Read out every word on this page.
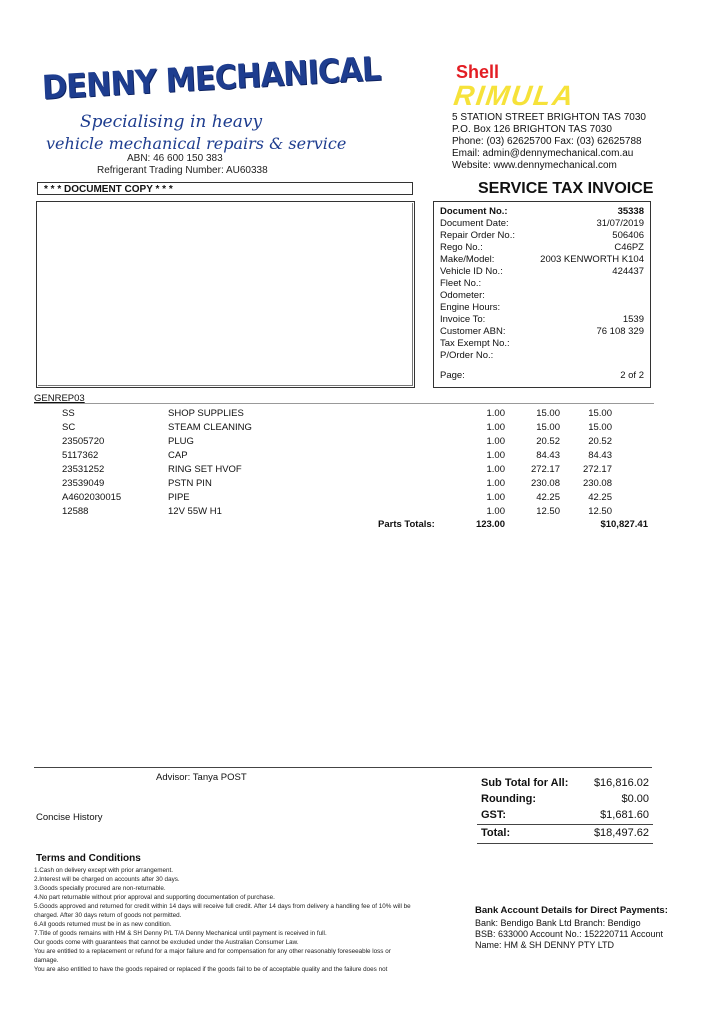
DENNY MECHANICAL
Specialising in heavy
vehicle mechanical repairs & service
ABN: 46 600 150 383
Refrigerant Trading Number: AU60338
Shell
RIMULA
5 STATION STREET BRIGHTON TAS 7030
P.O. Box 126 BRIGHTON TAS 7030
Phone: (03) 62625700 Fax: (03) 62625788
Email: admin@dennymechanical.com.au
Website: www.dennymechanical.com
* * * DOCUMENT COPY * * *	SERVICE TAX INVOICE
Document No.:	35338
Document Date:	31/07/2019
Repair Order No.:	506406
Rego No.:	C46PZ
Make/Model:	2003 KENWORTH K104
Vehicle ID No.:	424437
Fleet No.:
Odometer:
Engine Hours:
Invoice To:	1539
Customer ABN:	76 108 329
Tax Exempt No.:
P/Order No.:
Page:	2 of 2
GENREP03
SS	SHOP SUPPLIES	1.00	15.00	15.00
SC	STEAM CLEANING	1.00	15.00	15.00
23505720	PLUG	1.00	20.52	20.52
5117362	CAP	1.00	84.43	84.43
23531252	RING SET HVOF	1.00	272.17	272.17
23539049	PSTN PIN	1.00	230.08	230.08
A4602030015	PIPE	1.00	42.25	42.25
12588	12V 55W H1	1.00	12.50	12.50
Parts Totals:	123.00	$10,827.41
Advisor: Tanya POST
Concise History
Sub Total for All: $16,816.02
Rounding:	$0.00
GST:	$1,681.60
Total:	$18,497.62
Terms and Conditions
1.Cash on delivery except with prior arrangement.
2.Interest will be charged on accounts after 30 days.
3.Goods specially procured are non-returnable.
4.No part returnable without prior approval and supporting documentation of purchase.
5.Goods approved and returned for credit within 14 days will receive full credit. After 14 days from delivery a handling fee of 10% will be
charged. After 30 days return of goods not permitted.
6.All goods returned must be in as new condition.
7.Title of goods remains with HM & SH Denny P/L T/A Denny Mechanical until payment is received in full.
Our goods come with guarantees that cannot be excluded under the Australian Consumer Law.
You are entitled to a replacement or refund for a major failure and for compensation for any other reasonably foreseeable loss or
damage.
You are also entitled to have the goods repaired or replaced if the goods fail to be of acceptable quality and the failure does not
Bank Account Details for Direct Payments:
Bank: Bendigo Bank Ltd Branch: Bendigo
BSB: 633000 Account No.: 152220711 Account
Name: HM & SH DENNY PTY LTD
